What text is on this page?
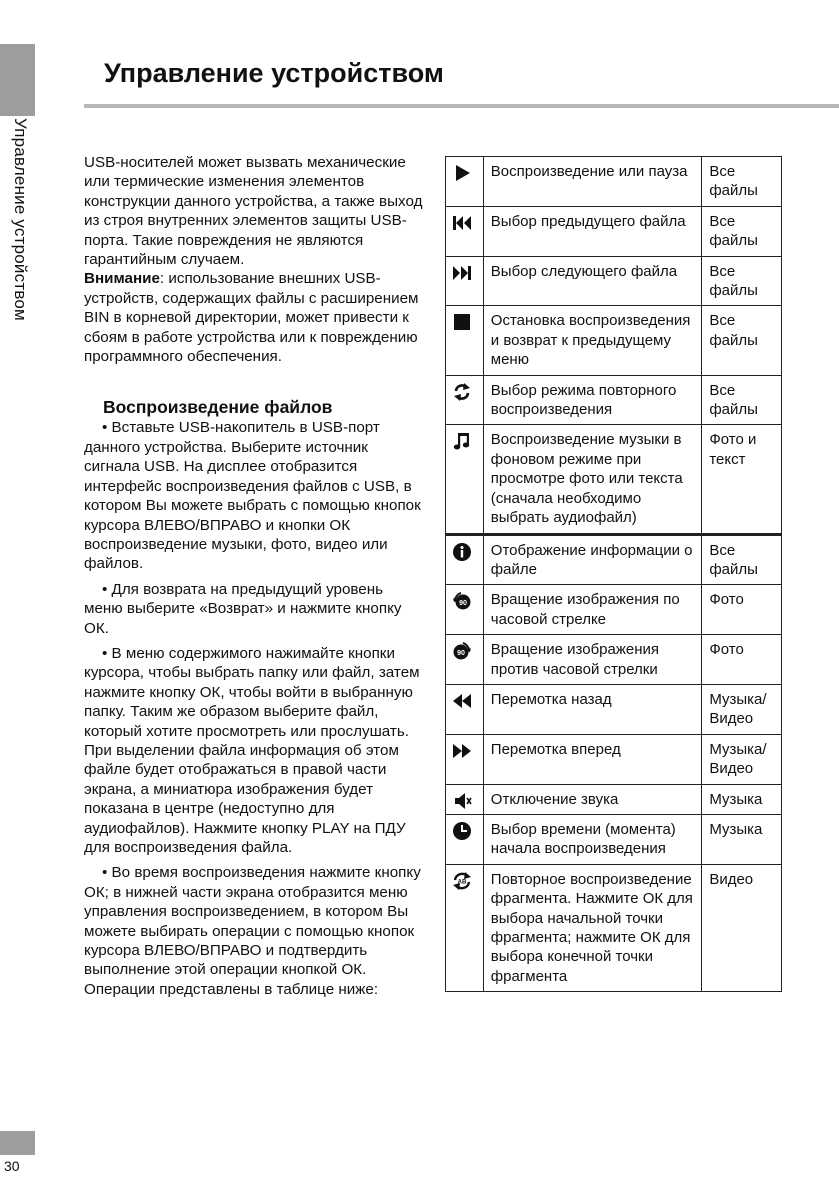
Управление устройством
Управление устройством

USB-носителей может вызвать механические или термические изменения элементов конструкции данного устройства, а также выход из строя внутренних элементов защиты USB-порта. Такие повреждения не являются гарантийным случаем.

Внимание: использование внешних USB-устройств, содержащих файлы с расширением BIN в корневой директории, может привести к сбоям в работе устройства или к повреждению программного обеспечения.

Воспроизведение файлов

• Вставьте USB-накопитель в USB-порт данного устройства. Выберите источник сигнала USB. На дисплее отобразится интерфейс воспроизведения файлов с USB, в котором Вы можете выбрать с помощью кнопок курсора ВЛЕВО/ВПРАВО и кнопки ОК воспроизведение музыки, фото, видео или файлов.

• Для возврата на предыдущий уровень меню выберите «Возврат» и нажмите кнопку ОК.

• В меню содержимого нажимайте кнопки курсора, чтобы выбрать папку или файл, затем нажмите кнопку ОК, чтобы войти в выбранную папку. Таким же образом выберите файл, который хотите просмотреть или прослушать. При выделении файла информация об этом файле будет отображаться в правой части экрана, а миниатюра изображения будет показана в центре (недоступно для аудиофайлов). Нажмите кнопку PLAY на ПДУ для воспроизведения файла.

• Во время воспроизведения нажмите кнопку ОК; в нижней части экрана отобразится меню управления воспроизведением, в котором Вы можете выбирать операции с помощью кнопок курсора ВЛЕВО/ВПРАВО и подтвердить выполнение этой операции кнопкой ОК. Операции представлены в таблице ниже:

	Воспроизведение или пауза	Все файлы

	Выбор предыдущего файла	Все файлы

	Выбор следующего файла	Все файлы

	Остановка воспроизведения и возврат к предыдущему меню	Все файлы

	Выбор режима повторного воспроизведения	Все файлы

	Воспроизведение музыки в фоновом режиме при просмотре фото или текста (сначала необходимо выбрать аудиофайл)	Фото и текст

	Отображение информации о файле	Все файлы

90	Вращение изображения по часовой стрелке	Фото

90	Вращение изображения против часовой стрелки	Фото

	Перемотка назад	Музыка/ Видео

	Перемотка вперед	Музыка/ Видео

	Отключение звука	Музыка

	Выбор времени (момента) начала воспроизведения	Музыка

AB	Повторное воспроизведение фрагмента. Нажмите ОК для выбора начальной точки фрагмента; нажмите ОК для выбора конечной точки фрагмента	Видео
30
